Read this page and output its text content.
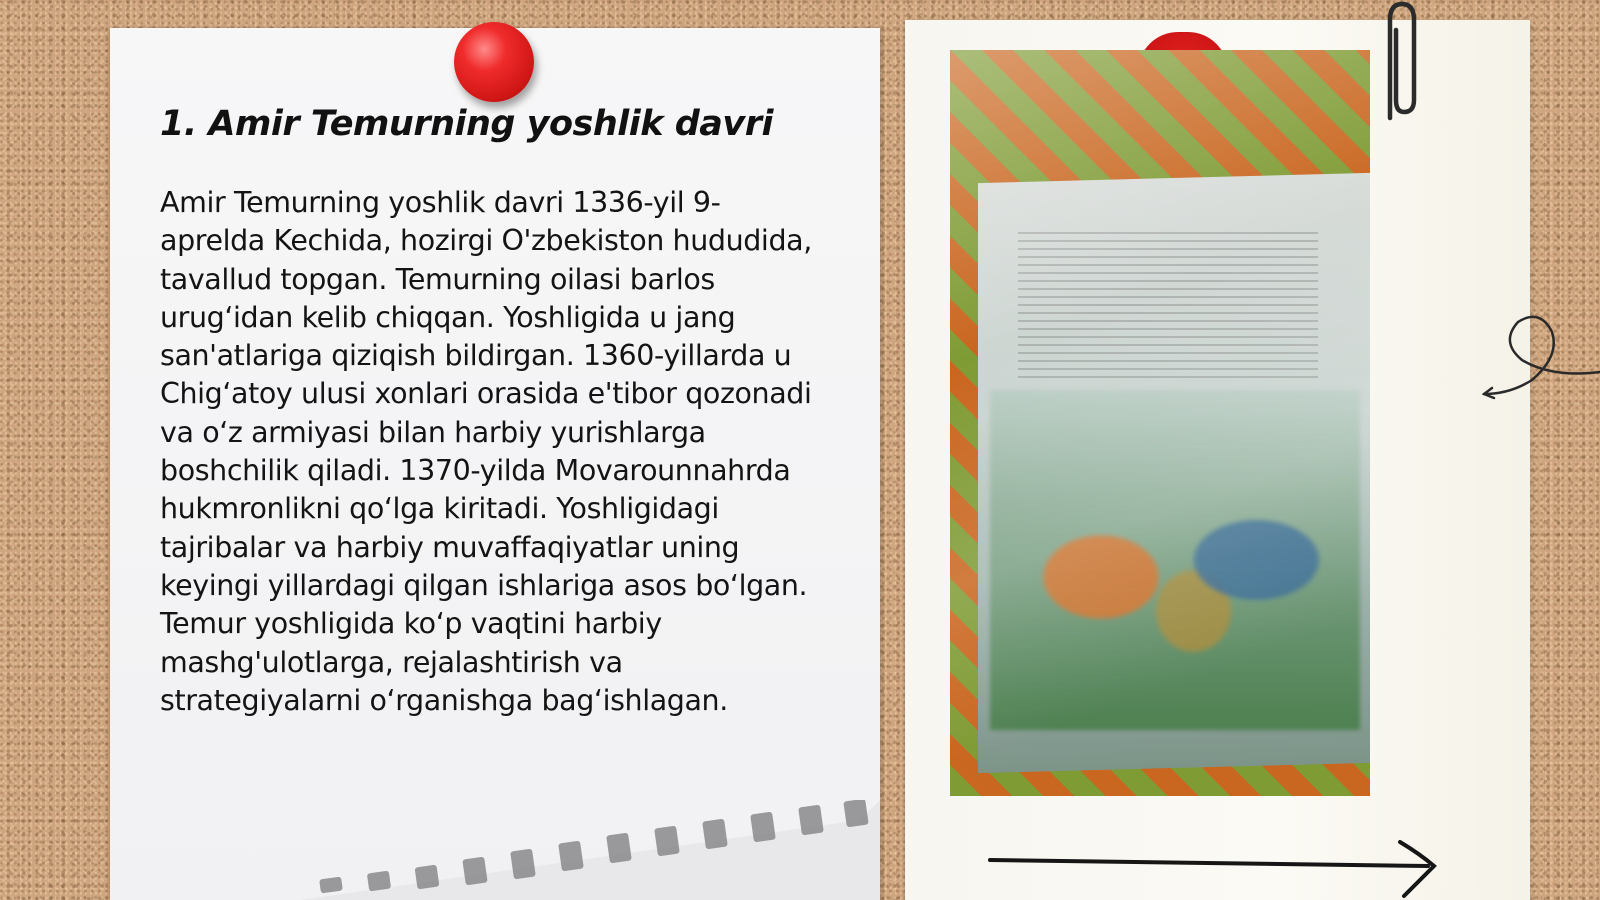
1. Amir Temurning yoshlik davri

Amir Temurning yoshlik davri 1336-yil 9-aprelda Kechida, hozirgi O'zbekiston hududida, tavallud topgan. Temurning oilasi barlos urug‘idan kelib chiqqan. Yoshligida u jang san'atlariga qiziqish bildirgan. 1360-yillarda u Chig‘atoy ulusi xonlari orasida e'tibor qozonadi va o‘z armiyasi bilan harbiy yurishlarga boshchilik qiladi. 1370-yilda Movarounnahrda hukmronlikni qo‘lga kiritadi. Yoshligidagi tajribalar va harbiy muvaffaqiyatlar uning keyingi yillardagi qilgan ishlariga asos bo‘lgan. Temur yoshligida ko‘p vaqtini harbiy mashg'ulotlarga, rejalashtirish va strategiyalarni o‘rganishga bag‘ishlagan.
